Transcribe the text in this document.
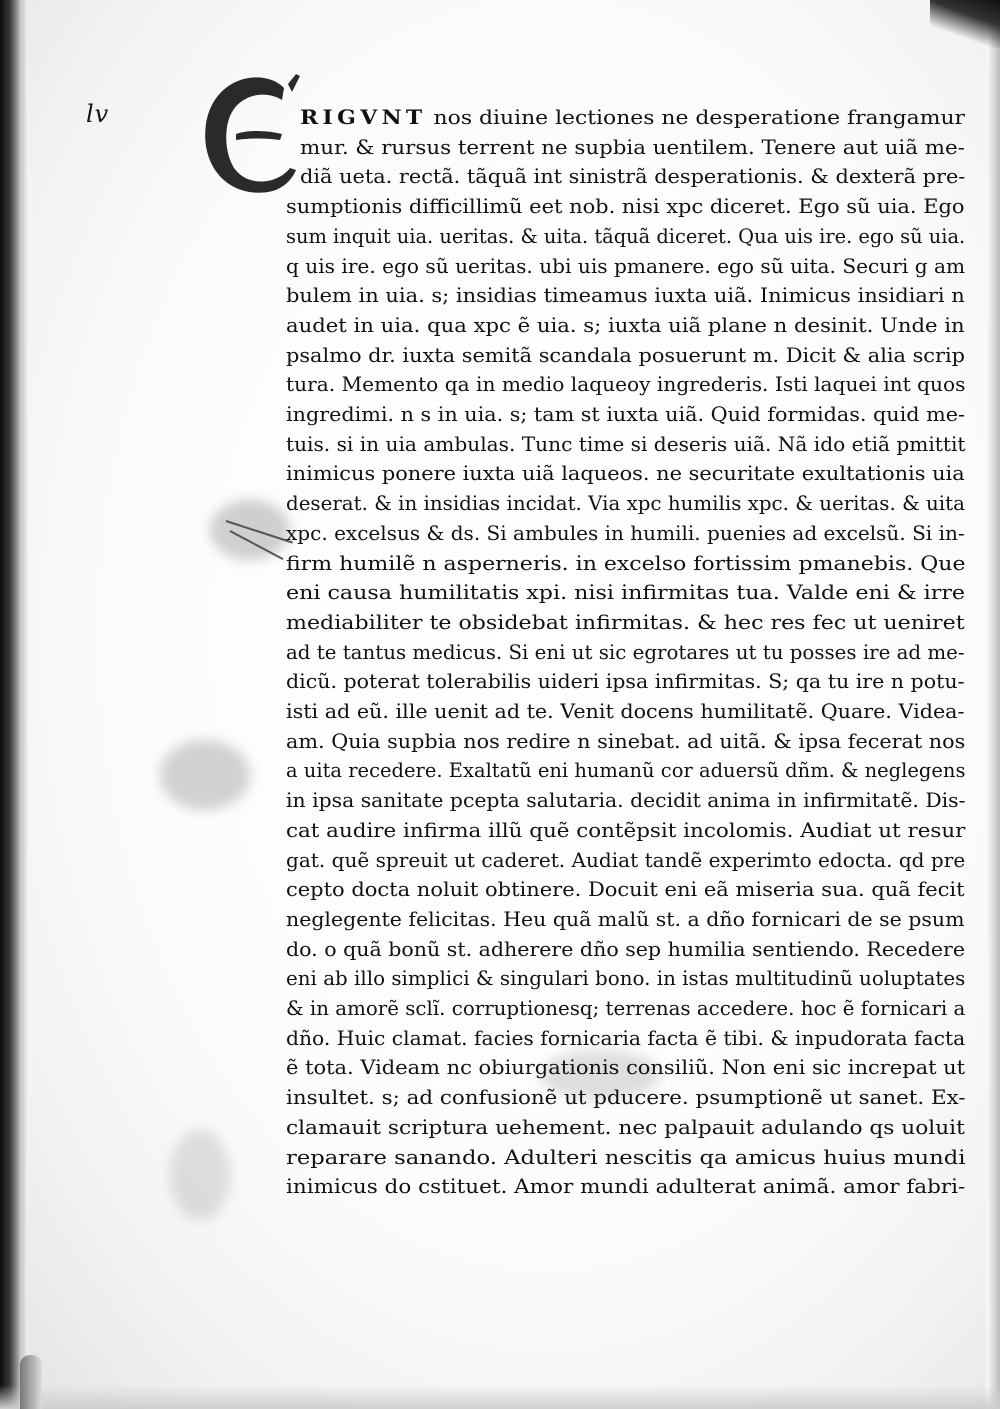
lv	RIGVNT nos diuine lectiones ne desperatione frangamur
mur. & rursus terrent ne supbia uentilem. Tenere aut uiã me-
diã ueta. rectã. tãquã int sinistrã desperationis. & dexterã pre-
sumptionis difficillimũ eet nob. nisi xpc diceret. Ego sũ uia. Ego
sum inquit uia. ueritas. & uita. tãquã diceret. Qua uis ire. ego sũ uia.
q uis ire. ego sũ ueritas. ubi uis pmanere. ego sũ uita. Securi g am
bulem in uia. s; insidias timeamus iuxta uiã. Inimicus insidiari n
audet in uia. qua xpc ẽ uia. s; iuxta uiã plane n desinit. Unde in
psalmo dr. iuxta semitã scandala posuerunt m. Dicit & alia scrip
tura. Memento qa in medio laqueoy ingrederis. Isti laquei int quos
ingredimi. n s in uia. s; tam st iuxta uiã. Quid formidas. quid me-
tuis. si in uia ambulas. Tunc time si deseris uiã. Nã ido etiã pmittit
inimicus ponere iuxta uiã laqueos. ne securitate exultationis uia
deserat. & in insidias incidat. Via xpc humilis xpc. & ueritas. & uita
xpc. excelsus & ds. Si ambules in humili. puenies ad excelsũ. Si in-
firm humilẽ n asperneris. in excelso fortissim pmanebis. Que
eni causa humilitatis xpi. nisi infirmitas tua. Valde eni & irre
mediabiliter te obsidebat infirmitas. & hec res fec ut ueniret
ad te tantus medicus. Si eni ut sic egrotares ut tu posses ire ad me-
dicũ. poterat tolerabilis uideri ipsa infirmitas. S; qa tu ire n potu-
isti ad eũ. ille uenit ad te. Venit docens humilitatẽ. Quare. Videa-
am. Quia supbia nos redire n sinebat. ad uitã. & ipsa fecerat nos
a uita recedere. Exaltatũ eni humanũ cor aduersũ dñm. & neglegens
in ipsa sanitate pcepta salutaria. decidit anima in infirmitatẽ. Dis-
cat audire infirma illũ quẽ contẽpsit incolomis. Audiat ut resur
gat. quẽ spreuit ut caderet. Audiat tandẽ experimto edocta. qd pre
cepto docta noluit obtinere. Docuit eni eã miseria sua. quã fecit
neglegente felicitas. Heu quã malũ st. a dño fornicari de se psum
do. o quã bonũ st. adherere dño sep humilia sentiendo. Recedere
eni ab illo simplici & singulari bono. in istas multitudinũ uoluptates
& in amorẽ sclĩ. corruptionesq; terrenas accedere. hoc ẽ fornicari a
dño. Huic clamat. facies fornicaria facta ẽ tibi. & inpudorata facta
ẽ tota. Videam nc obiurgationis consiliũ. Non eni sic increpat ut
insultet. s; ad confusionẽ ut pducere. psumptionẽ ut sanet. Ex-
clamauit scriptura uehement. nec palpauit adulando qs uoluit
reparare sanando. Adulteri nescitis qa amicus huius mundi
inimicus do cstituet. Amor mundi adulterat animã. amor fabri-
